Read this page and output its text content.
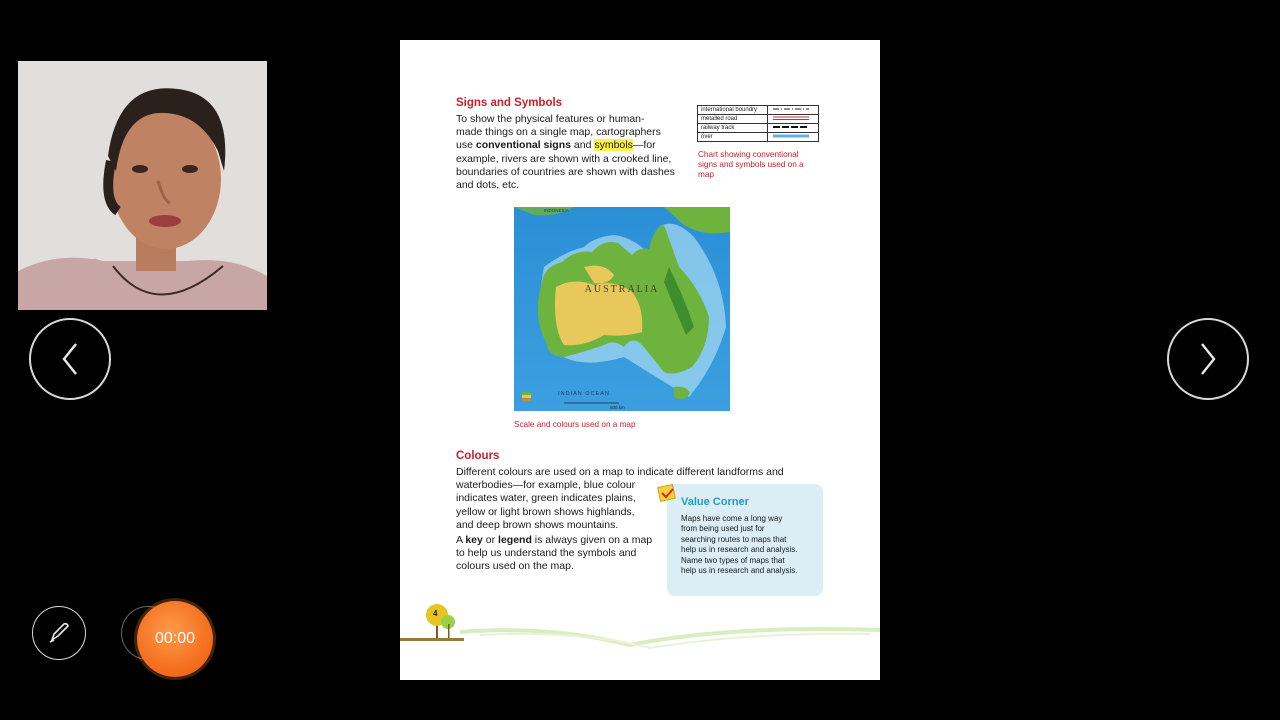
00:00
Signs and Symbols
To show the physical features or human-
made things on a single map, cartographers
use conventional signs and symbols—for
example, rivers are shown with a crooked line,
boundaries of countries are shown with dashes
and dots, etc.
international boundry	
metalled road	
railway track	
river	
Chart showing conventional
signs and symbols used on a
map
AUSTRALIA
INDIAN OCEAN
INDONESIA
500 km
Scale and colours used on a map
Colours
Different colours are used on a map to indicate different landforms and
waterbodies—for example, blue colour
indicates water, green indicates plains,
yellow or light brown shows highlands,
and deep brown shows mountains.
A key or legend is always given on a map
to help us understand the symbols and
colours used on the map.
Value Corner
Maps have come a long way
from being used just for
searching routes to maps that
help us in research and analysis.
Name two types of maps that
help us in research and analysis.
4
